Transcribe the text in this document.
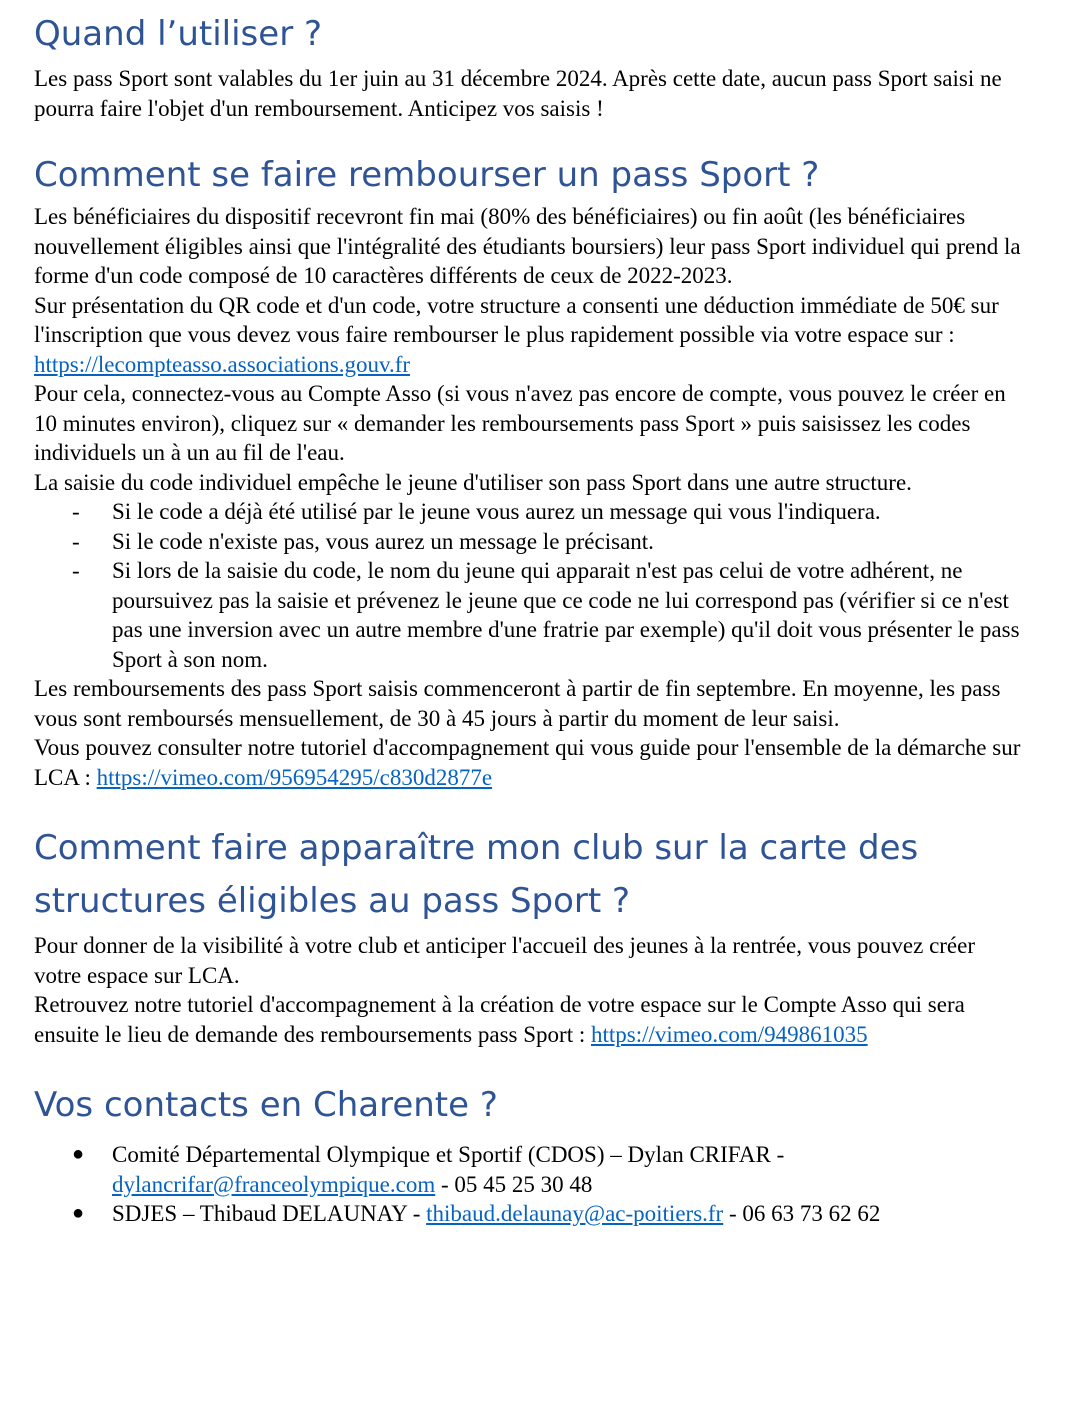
Quand l’utiliser ?

Les pass Sport sont valables du 1er juin au 31 décembre 2024. Après cette date, aucun pass Sport saisi ne pourra faire l'objet d'un remboursement. Anticipez vos saisis !

Comment se faire rembourser un pass Sport ?

Les bénéficiaires du dispositif recevront fin mai (80% des bénéficiaires) ou fin août (les bénéficiaires nouvellement éligibles ainsi que l'intégralité des étudiants boursiers) leur pass Sport individuel qui prend la forme d'un code composé de 10 caractères différents de ceux de 2022-2023.

Sur présentation du QR code et d'un code, votre structure a consenti une déduction immédiate de 50€ sur l'inscription que vous devez vous faire rembourser le plus rapidement possible via votre espace sur : https://lecompteasso.associations.gouv.fr

Pour cela, connectez-vous au Compte Asso (si vous n'avez pas encore de compte, vous pouvez le créer en 10 minutes environ), cliquez sur « demander les remboursements pass Sport » puis saisissez les codes individuels un à un au fil de l'eau.

La saisie du code individuel empêche le jeune d'utiliser son pass Sport dans une autre structure.

- Si le code a déjà été utilisé par le jeune vous aurez un message qui vous l'indiquera.
- Si le code n'existe pas, vous aurez un message le précisant.
- Si lors de la saisie du code, le nom du jeune qui apparait n'est pas celui de votre adhérent, ne poursuivez pas la saisie et prévenez le jeune que ce code ne lui correspond pas (vérifier si ce n'est pas une inversion avec un autre membre d'une fratrie par exemple) qu'il doit vous présenter le pass Sport à son nom.

Les remboursements des pass Sport saisis commenceront à partir de fin septembre. En moyenne, les pass vous sont remboursés mensuellement, de 30 à 45 jours à partir du moment de leur saisi.

Vous pouvez consulter notre tutoriel d'accompagnement qui vous guide pour l'ensemble de la démarche sur LCA : https://vimeo.com/956954295/c830d2877e

Comment faire apparaître mon club sur la carte des structures éligibles au pass Sport ?

Pour donner de la visibilité à votre club et anticiper l'accueil des jeunes à la rentrée, vous pouvez créer votre espace sur LCA.

Retrouvez notre tutoriel d'accompagnement à la création de votre espace sur le Compte Asso qui sera ensuite le lieu de demande des remboursements pass Sport : https://vimeo.com/949861035

Vos contacts en Charente ?
● Comité Départemental Olympique et Sportif (CDOS) – Dylan CRIFAR - dylancrifar@franceolympique.com - 05 45 25 30 48
● SDJES – Thibaud DELAUNAY - thibaud.delaunay@ac-poitiers.fr - 06 63 73 62 62
